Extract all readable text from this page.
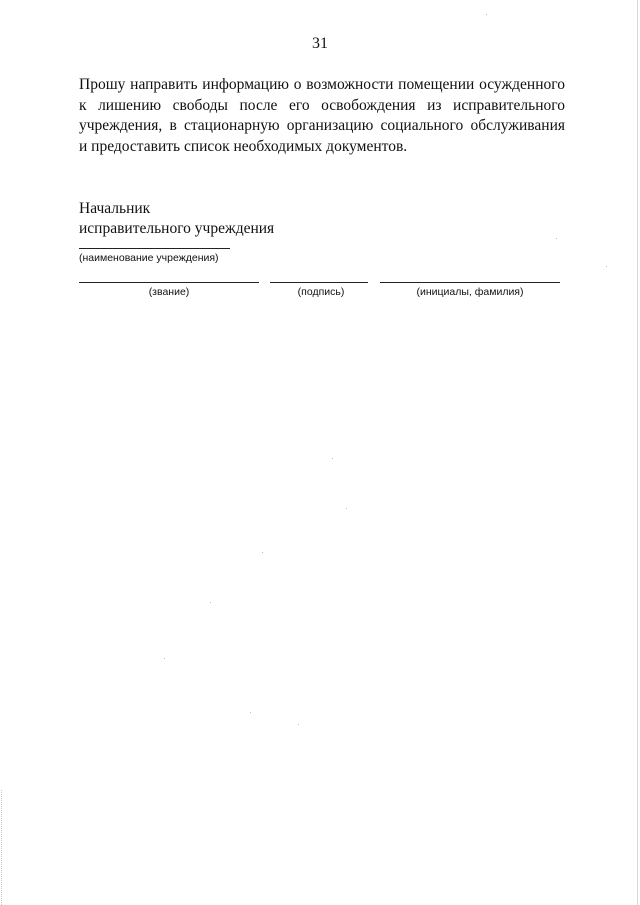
31
Прошу направить информацию о возможности помещении осужденного
к лишению свободы после его освобождения из исправительного
учреждения, в стационарную организацию социального обслуживания
и предоставить список необходимых документов.
Начальник
исправительного учреждения
(наименование учреждения)
(звание)	(подпись)	(инициалы, фамилия)
